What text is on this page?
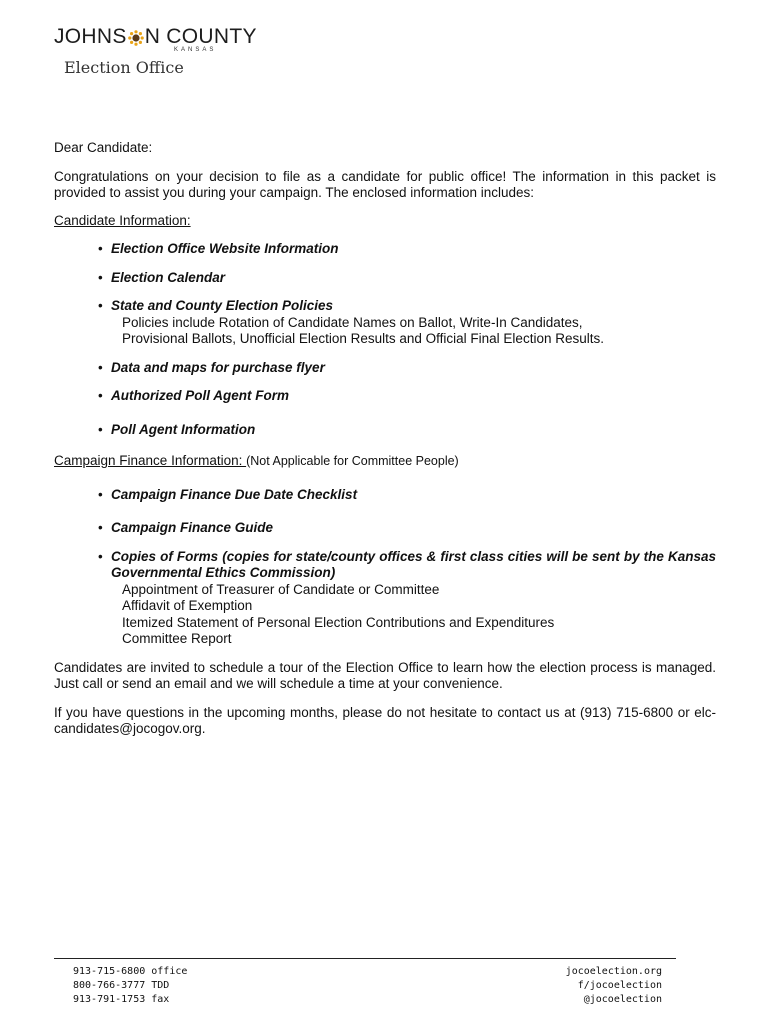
JOHNS N COUNTY
KANSAS
Election Office

Dear Candidate:

Congratulations on your decision to file as a candidate for public office! The information in this packet is provided to assist you during your campaign. The enclosed information includes:

Candidate Information:

• Election Office Website Information
• Election Calendar
• State and County Election Policies

Policies include Rotation of Candidate Names on Ballot, Write-In Candidates,

Provisional Ballots, Unofficial Election Results and Official Final Election Results.

• Data and maps for purchase flyer
• Authorized Poll Agent Form
• Poll Agent Information

Campaign Finance Information: (Not Applicable for Committee People)

• Campaign Finance Due Date Checklist
• Campaign Finance Guide
• Copies of Forms (copies for state/county offices & first class cities will be sent by the Kansas Governmental Ethics Commission)

Appointment of Treasurer of Candidate or Committee

Affidavit of Exemption

Itemized Statement of Personal Election Contributions and Expenditures

Committee Report

Candidates are invited to schedule a tour of the Election Office to learn how the election process is managed. Just call or send an email and we will schedule a time at your convenience.

If you have questions in the upcoming months, please do not hesitate to contact us at (913) 715-6800 or elc-candidates@jocogov.org.

913-715-6800 office
800-766-3777 TDD
913-791-1753 fax
jocoelection.org
f/jocoelection
@jocoelection
